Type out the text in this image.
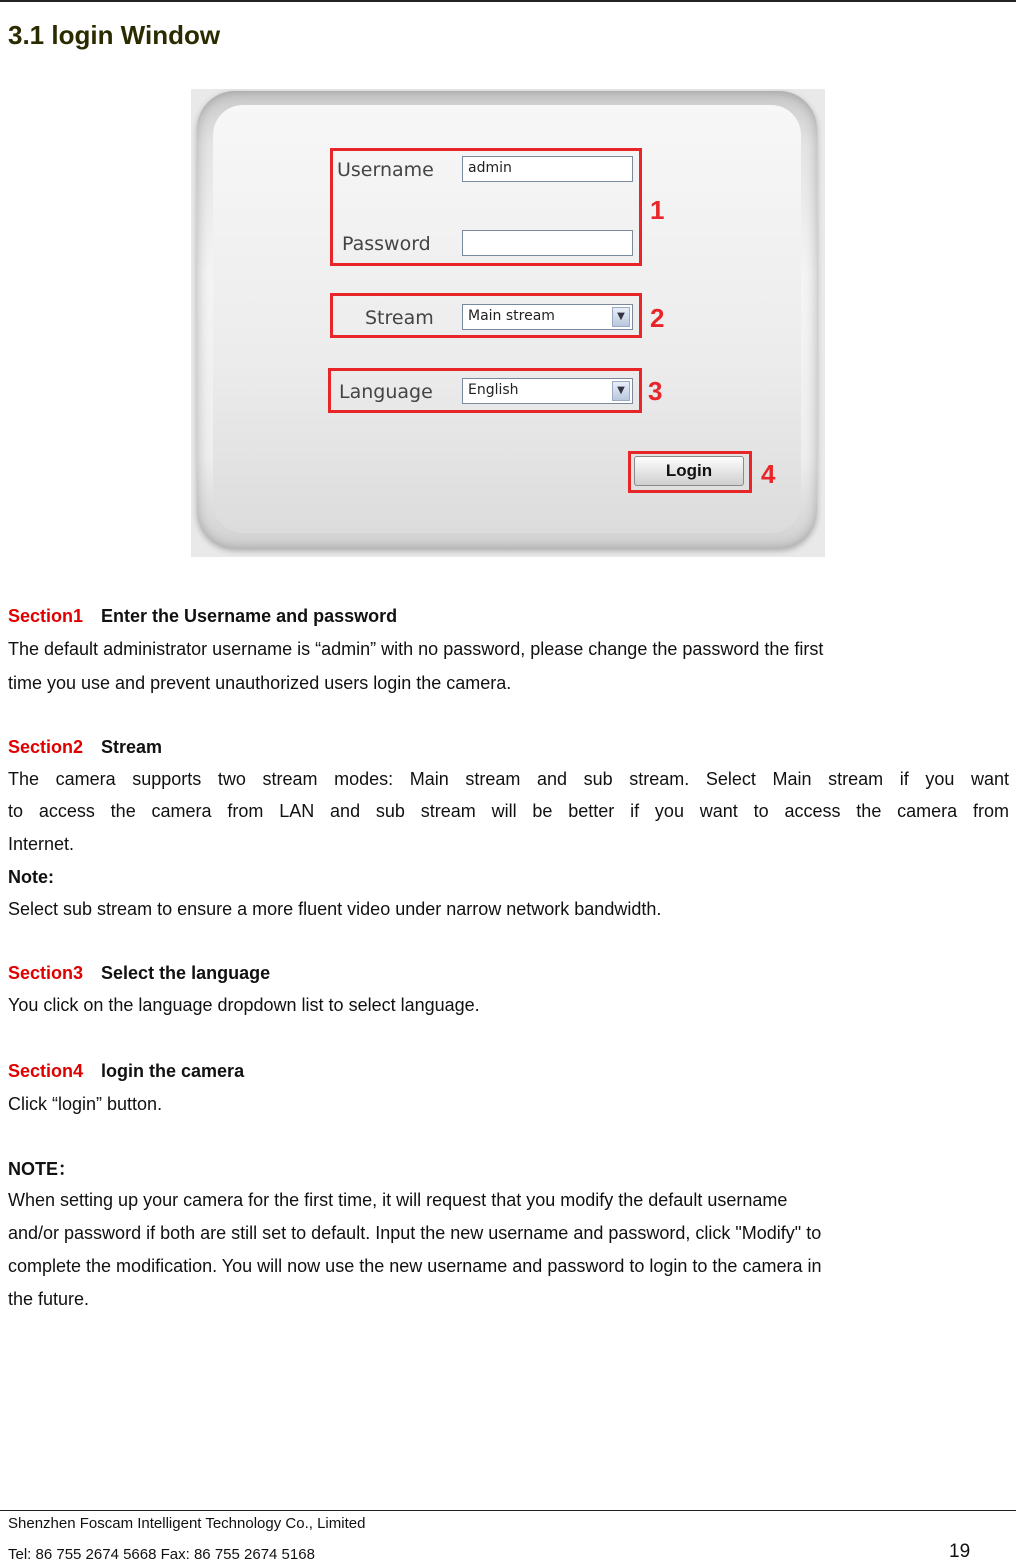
3.1 login Window
Username	admin
Password
1
Stream	Main stream	▼ 2
Language	English	▼ 3
Login	4
Section1 Enter the Username and password
The default administrator username is “admin” with no password, please change the password the first
time you use and prevent unauthorized users login the camera.
Section2 Stream
The camera supports two stream modes: Main stream and sub stream. Select Main stream if you want
to access the camera from LAN and sub stream will be better if you want to access the camera from
Internet.
Note:
Select sub stream to ensure a more fluent video under narrow network bandwidth.
Section3 Select the language
You click on the language dropdown list to select language.
Section4 login the camera
Click “login” button.
NOTE：
When setting up your camera for the first time, it will request that you modify the default username
and/or password if both are still set to default. Input the new username and password, click "Modify" to
complete the modification. You will now use the new username and password to login to the camera in
the future.
Shenzhen Foscam Intelligent Technology Co., Limited
Tel: 86 755 2674 5668 Fax: 86 755 2674 5168	19
